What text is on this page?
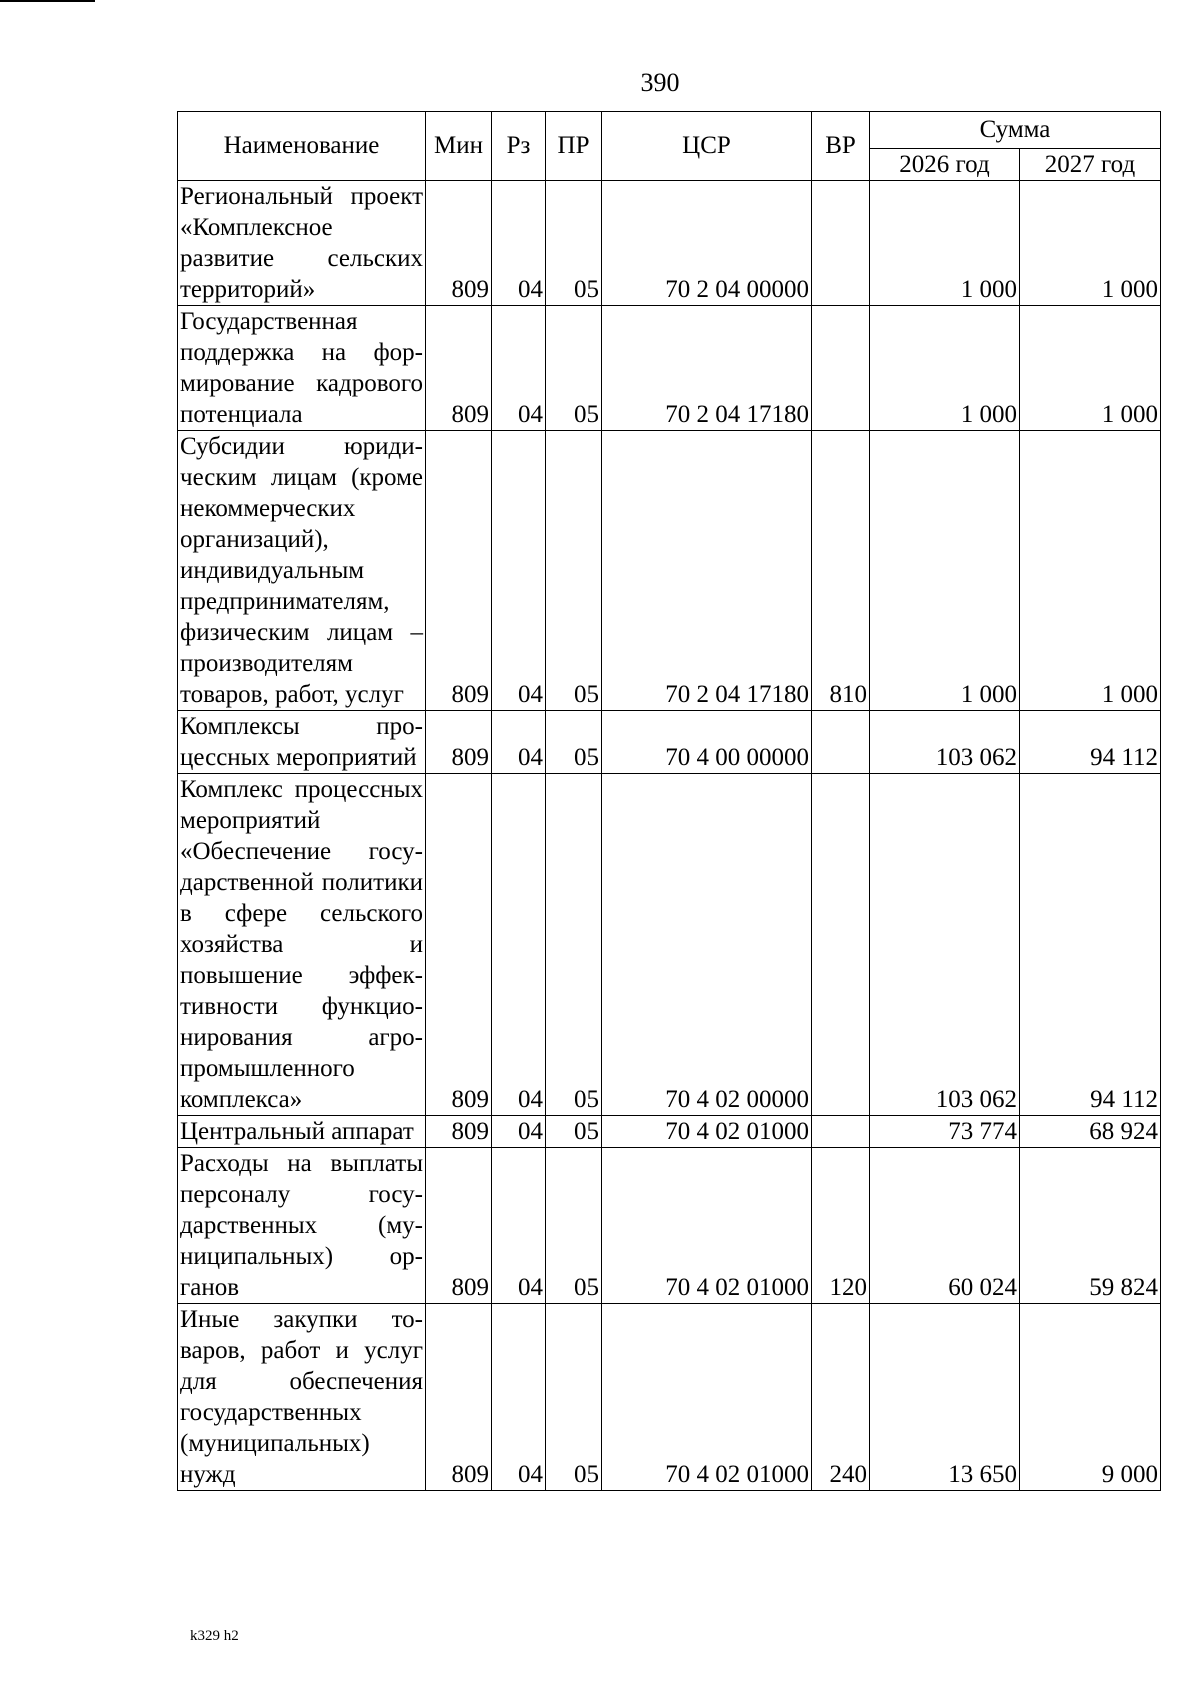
390
Наименование	Мин	Рз	ПР	ЦСР	ВР	Сумма	
						2026 год	2027 год
Региональный проект «Комплексное развитие сельских территорий»	809	04	05	70 2 04 00000		1 000	1 000
Государственная поддержка на формирование кадрового потенциала	809	04	05	70 2 04 17180		1 000	1 000
Субсидии юридическим лицам (кроме некоммерческих организаций), индивидуальным предпринимателям, физическим лицам – производителям товаров, работ, услуг	809	04	05	70 2 04 17180	810	1 000	1 000
Комплексы процессных мероприятий	809	04	05	70 4 00 00000		103 062	94 112
Комплекс процессных мероприятий «Обеспечение государственной политики в сфере сельского хозяйства и повышение эффективности функционирования агропромышленного комплекса»	809	04	05	70 4 02 00000		103 062	94 112
Центральный аппарат	809	04	05	70 4 02 01000		73 774	68 924
Расходы на выплаты персоналу государственных (муниципальных) органов	809	04	05	70 4 02 01000	120	60 024	59 824
Иные закупки товаров, работ и услуг для обеспечения государственных (муниципальных) нужд	809	04	05	70 4 02 01000	240	13 650	9 000
k329 h2
